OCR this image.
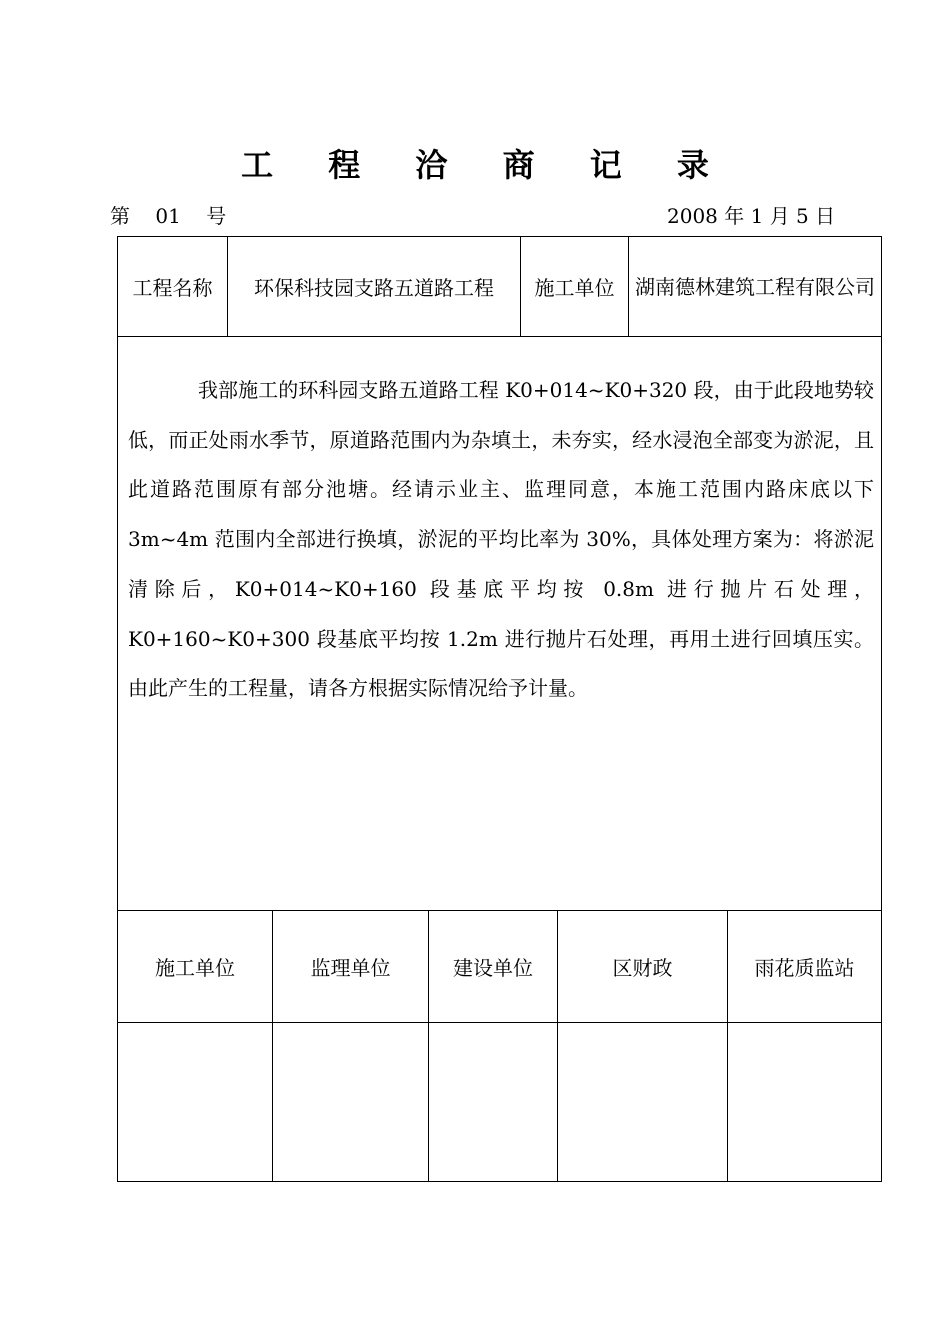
工 程 洽 商 记 录
第    01    号	2008 年 1 月 5 日
工程名称	环保科技园支路五道路工程	施工单位	湖南德林建筑工程有限公司
我部施工的环科园支路五道路工程 K0+014~K0+320 段，由于此段地势较低，而正处雨水季节，原道路范围内为杂填土，未夯实，经水浸泡全部变为淤泥，且此道路范围原有部分池塘。经请示业主、监理同意，本施工范围内路床底以下 3m~4m 范围内全部进行换填，淤泥的平均比率为 30%，具体处理方案为：将淤泥清除后，K0+014~K0+160 段基底平均按 0.8m 进行抛片石处理，K0+160~K0+300 段基底平均按 1.2m 进行抛片石处理，再用土进行回填压实。由此产生的工程量，请各方根据实际情况给予计量。
施工单位	监理单位	建设单位	区财政	雨花质监站
